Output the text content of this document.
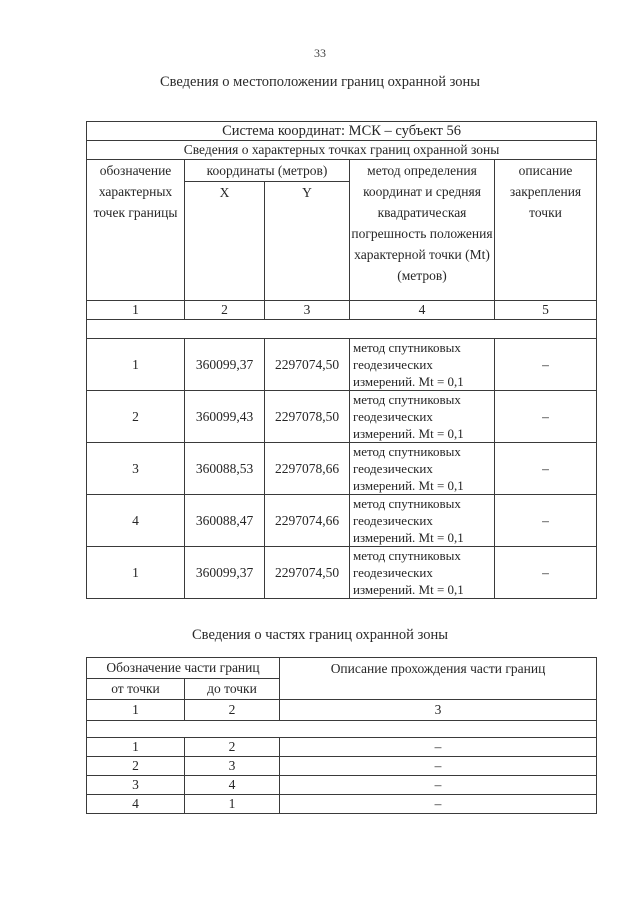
33
Сведения о местоположении границ охранной зоны
Система координат: МСК – субъект 56				
Сведения о характерных точках границ охранной зоны				
обозначение характерных точек границы	координаты (метров)		метод определения координат и средняя квадратическая погрешность положения характерной точки (Mt) (метров)	описание закрепления точки
	X	Y		
1	2	3	4	5

1	360099,37	2297074,50	метод спутниковых геодезических измерений. Mt = 0,1	–
2	360099,43	2297078,50	метод спутниковых геодезических измерений. Mt = 0,1	–
3	360088,53	2297078,66	метод спутниковых геодезических измерений. Mt = 0,1	–
4	360088,47	2297074,66	метод спутниковых геодезических измерений. Mt = 0,1	–
1	360099,37	2297074,50	метод спутниковых геодезических измерений. Mt = 0,1	–
Сведения о частях границ охранной зоны
Обозначение части границ		Описание прохождения части границ
от точки	до точки	
1	2	3

1	2	–
2	3	–
3	4	–
4	1	–
